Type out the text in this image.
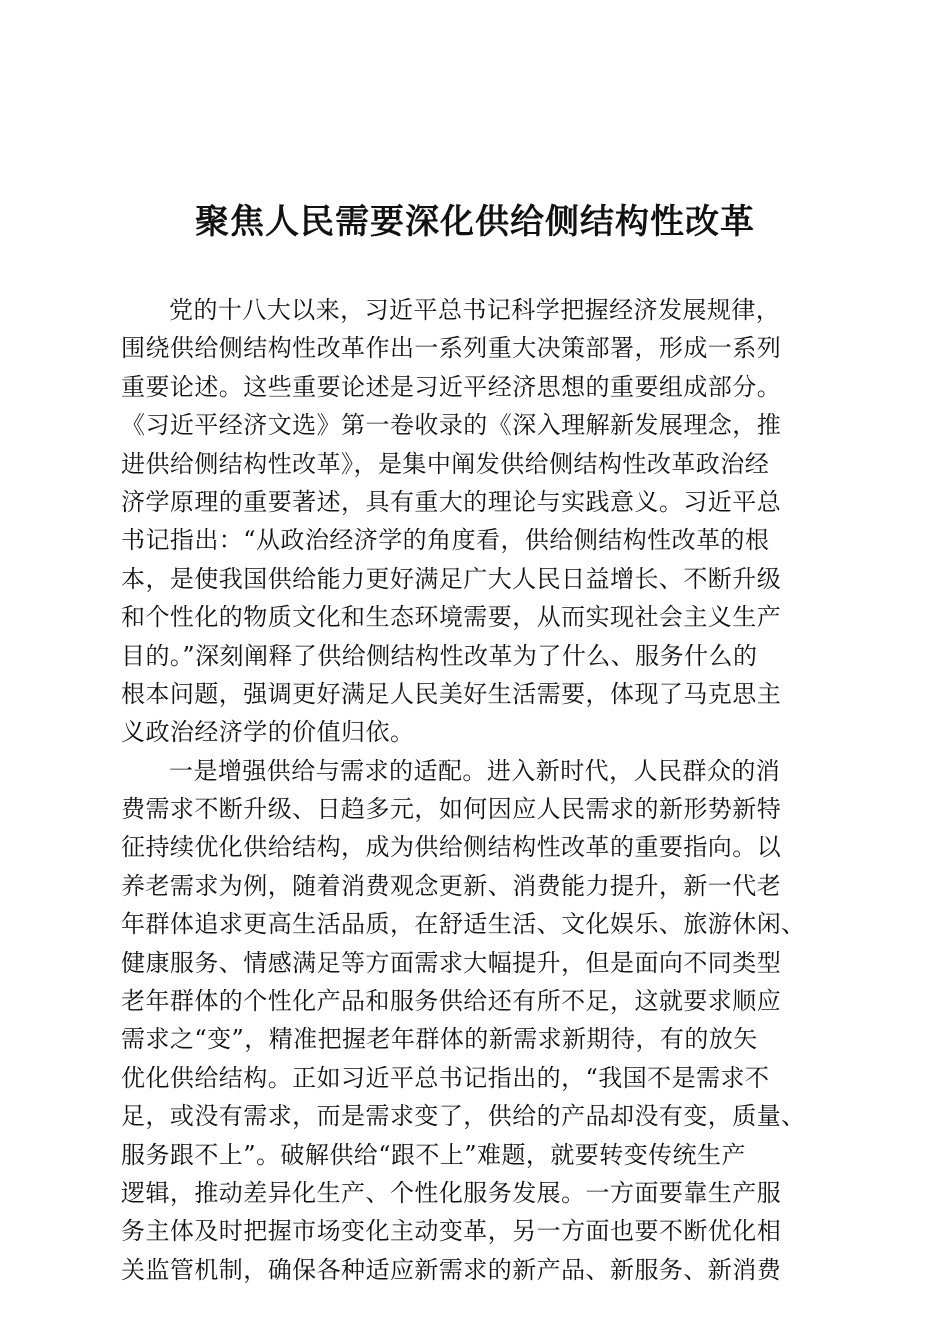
聚焦人民需要深化供给侧结构性改革
党的十八大以来，习近平总书记科学把握经济发展规律，
围绕供给侧结构性改革作出一系列重大决策部署，形成一系列
重要论述。这些重要论述是习近平经济思想的重要组成部分。
《习近平经济文选》第一卷收录的《深入理解新发展理念，推
进供给侧结构性改革》，是集中阐发供给侧结构性改革政治经
济学原理的重要著述，具有重大的理论与实践意义。习近平总
书记指出：“从政治经济学的角度看，供给侧结构性改革的根
本，是使我国供给能力更好满足广大人民日益增长、不断升级
和个性化的物质文化和生态环境需要，从而实现社会主义生产
目的。”深刻阐释了供给侧结构性改革为了什么、服务什么的
根本问题，强调更好满足人民美好生活需要，体现了马克思主
义政治经济学的价值归依。
一是增强供给与需求的适配。进入新时代，人民群众的消
费需求不断升级、日趋多元，如何因应人民需求的新形势新特
征持续优化供给结构，成为供给侧结构性改革的重要指向。以
养老需求为例，随着消费观念更新、消费能力提升，新一代老
年群体追求更高生活品质，在舒适生活、文化娱乐、旅游休闲、
健康服务、情感满足等方面需求大幅提升，但是面向不同类型
老年群体的个性化产品和服务供给还有所不足，这就要求顺应
需求之“变”，精准把握老年群体的新需求新期待，有的放矢
优化供给结构。正如习近平总书记指出的，“我国不是需求不
足，或没有需求，而是需求变了，供给的产品却没有变，质量、
服务跟不上”。破解供给“跟不上”难题，就要转变传统生产
逻辑，推动差异化生产、个性化服务发展。一方面要靠生产服
务主体及时把握市场变化主动变革，另一方面也要不断优化相
关监管机制，确保各种适应新需求的新产品、新服务、新消费
